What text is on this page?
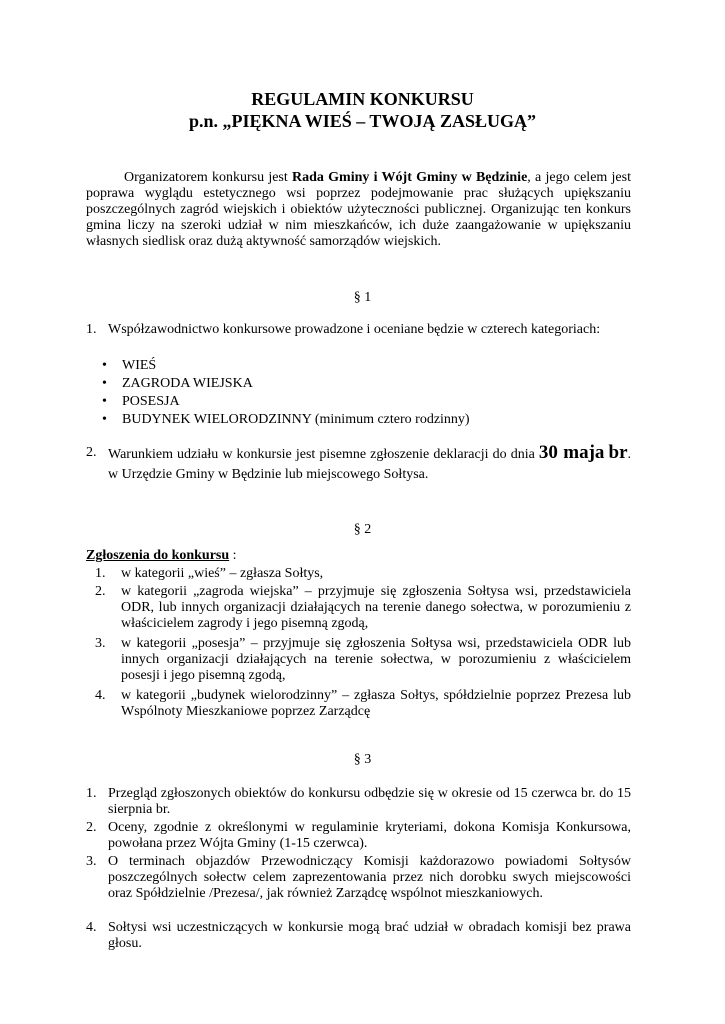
REGULAMIN KONKURSU
p.n. „PIĘKNA WIEŚ – TWOJĄ ZASŁUGĄ”

Organizatorem konkursu jest Rada Gminy i Wójt Gminy w Będzinie, a jego celem jest poprawa wyglądu estetycznego wsi poprzez podejmowanie prac służących upiększaniu poszczególnych zagród wiejskich i obiektów użyteczności publicznej. Organizując ten konkurs gmina liczy na szeroki udział w nim mieszkańców, ich duże zaangażowanie w upiększaniu własnych siedlisk oraz dużą aktywność samorządów wiejskich.

§ 1
1. Współzawodnictwo konkursowe prowadzone i oceniane będzie w czterech kategoriach:
• WIEŚ
• ZAGRODA WIEJSKA
• POSESJA
• BUDYNEK WIELORODZINNY (minimum cztero rodzinny)
2. Warunkiem udziału w konkursie jest pisemne zgłoszenie deklaracji do dnia 30 maja br. w Urzędzie Gminy w Będzinie lub miejscowego Sołtysa.
§ 2
Zgłoszenia do konkursu :
1. w kategorii „wieś” – zgłasza Sołtys,
2. w kategorii „zagroda wiejska” – przyjmuje się zgłoszenia Sołtysa wsi, przedstawiciela ODR, lub innych organizacji działających na terenie danego sołectwa, w porozumieniu z właścicielem zagrody i jego pisemną zgodą,
3. w kategorii „posesja” – przyjmuje się zgłoszenia Sołtysa wsi, przedstawiciela ODR lub innych organizacji działających na terenie sołectwa, w porozumieniu z właścicielem posesji i jego pisemną zgodą,
4. w kategorii „budynek wielorodzinny” – zgłasza Sołtys, spółdzielnie poprzez Prezesa lub Wspólnoty Mieszkaniowe poprzez Zarządcę
§ 3
1. Przegląd zgłoszonych obiektów do konkursu odbędzie się w okresie od 15 czerwca br. do 15 sierpnia br.
2. Oceny, zgodnie z określonymi w regulaminie kryteriami, dokona Komisja Konkursowa, powołana przez Wójta Gminy (1-15 czerwca).
3. O terminach objazdów Przewodniczący Komisji każdorazowo powiadomi Sołtysów poszczególnych sołectw celem zaprezentowania przez nich dorobku swych miejscowości oraz Spółdzielnie /Prezesa/, jak również Zarządcę wspólnot mieszkaniowych.
4. Sołtysi wsi uczestniczących w konkursie mogą brać udział w obradach komisji bez prawa głosu.
